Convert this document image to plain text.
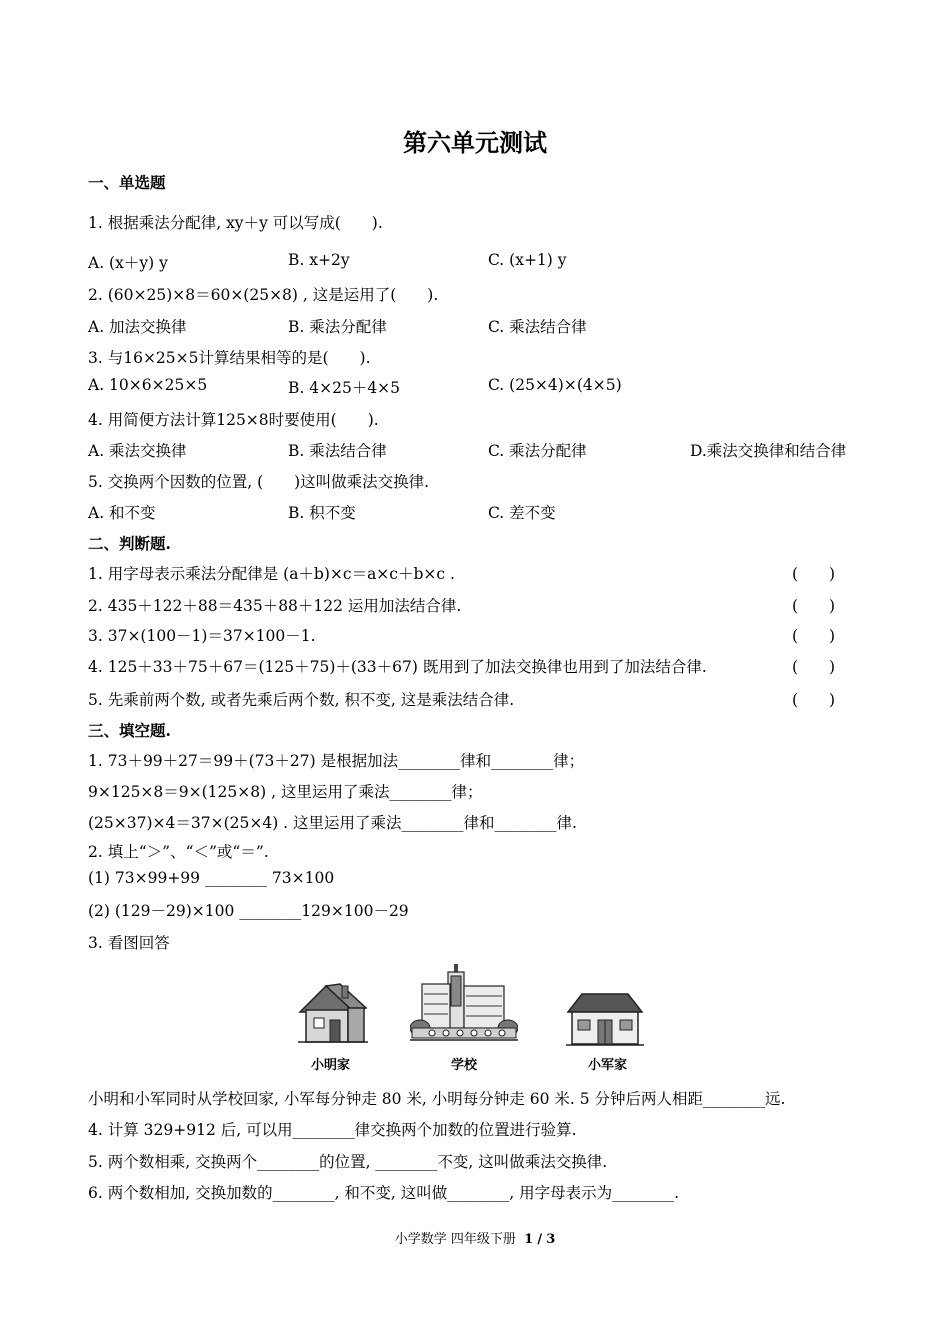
第六单元测试
一、单选题
1. 根据乘法分配律, xy＋y 可以写成(　　).
A. (x＋y) y	B. x+2y	C. (x+1) y
2. (60×25)×8＝60×(25×8) , 这是运用了(　　).
A. 加法交换律	B. 乘法分配律	C. 乘法结合律
3. 与16×25×5计算结果相等的是(　　).
A. 10×6×25×5	B. 4×25＋4×5	C. (25×4)×(4×5)
4. 用简便方法计算125×8时要使用(　　).
A. 乘法交换律	B. 乘法结合律	C. 乘法分配律	D.乘法交换律和结合律
5. 交换两个因数的位置, (　　)这叫做乘法交换律.
A. 和不变	B. 积不变	C. 差不变
二、判断题.
1. 用字母表示乘法分配律是 (a＋b)×c＝a×c＋b×c .	(　　)
2. 435＋122＋88＝435＋88＋122 运用加法结合律.	(　　)
3. 37×(100－1)＝37×100－1.	(　　)
4. 125＋33＋75＋67＝(125＋75)＋(33＋67) 既用到了加法交换律也用到了加法结合律.	(　　)
5. 先乘前两个数, 或者先乘后两个数, 积不变, 这是乘法结合律.	(　　)
三、填空题.
1. 73＋99＋27＝99＋(73＋27) 是根据加法________律和________律；
9×125×8＝9×(125×8) , 这里运用了乘法________律；
(25×37)×4＝37×(25×4) . 这里运用了乘法________律和________律.
2. 填上“＞”、“＜”或“＝”.
(1) 73×99+99 ________ 73×100
(2) (129－29)×100 ________129×100－29
3. 看图回答
小明家	学校	小军家
小明和小军同时从学校回家, 小军每分钟走 80 米, 小明每分钟走 60 米. 5 分钟后两人相距________远.
4. 计算 329+912 后, 可以用________律交换两个加数的位置进行验算.
5. 两个数相乘, 交换两个________的位置, ________不变, 这叫做乘法交换律.
6. 两个数相加, 交换加数的________, 和不变, 这叫做________, 用字母表示为________.
小学数学 四年级下册 1 / 3
